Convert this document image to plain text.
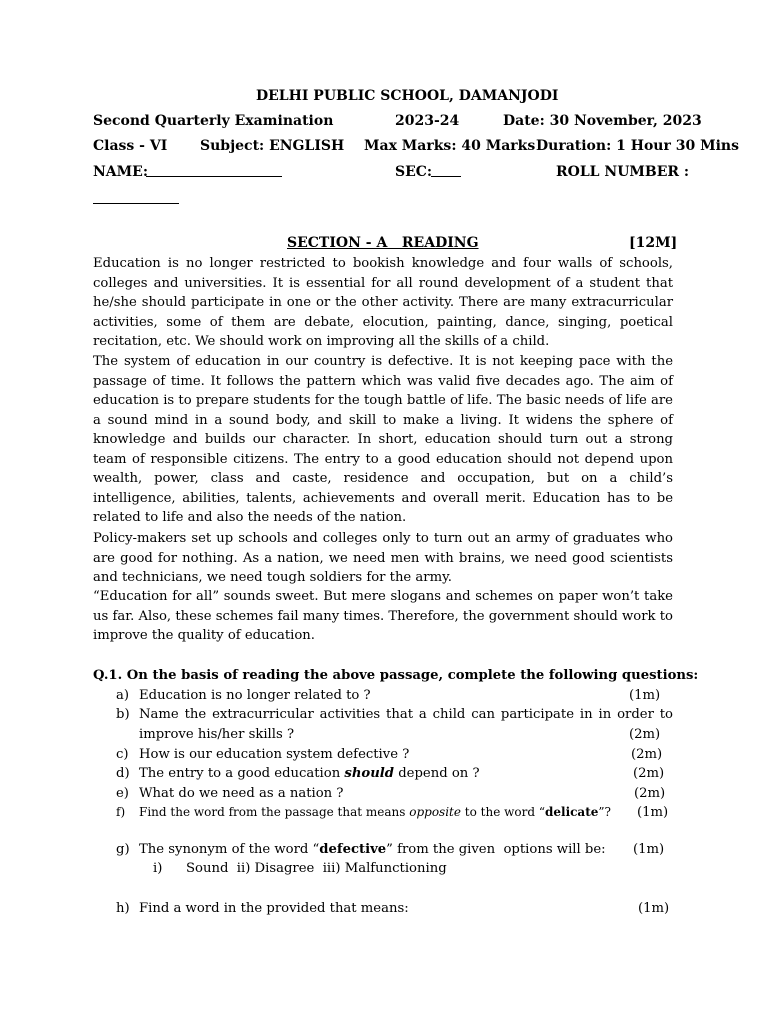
DELHI PUBLIC SCHOOL, DAMANJODI
Second Quarterly Examination	2023-24	Date: 30 November, 2023
Class - VI Subject: ENGLISH Max Marks: 40 Marks Duration: 1 Hour 30 Mins
NAME:	SEC:	ROLL NUMBER :
SECTION - A   READING	[12M]
Education is no longer restricted to bookish knowledge and four walls of schools, colleges and universities. It is essential for all round development of a student that he/she should participate in one or the other activity. There are many extracurricular activities, some of them are debate, elocution, painting, dance, singing, poetical recitation, etc. We should work on improving all the skills of a child.
The system of education in our country is defective. It is not keeping pace with the passage of time. It follows the pattern which was valid five decades ago. The aim of education is to prepare students for the tough battle of life. The basic needs of life are a sound mind in a sound body, and skill to make a living. It widens the sphere of knowledge and builds our character. In short, education should turn out a strong team of responsible citizens. The entry to a good education should not depend upon wealth, power, class and caste, residence and occupation, but on a child’s intelligence, abilities, talents, achievements and overall merit. Education has to be related to life and also the needs of the nation.
Policy-makers set up schools and colleges only to turn out an army of graduates who are good for nothing. As a nation, we need men with brains, we need good scientists and technicians, we need tough soldiers for the army.
“Education for all” sounds sweet. But mere slogans and schemes on paper won’t take us far. Also, these schemes fail many times. Therefore, the government should work to improve the quality of education.
Q.1. On the basis of reading the above passage, complete the following questions:
a) Education is no longer related to ?	(1m)
b) Name the extracurricular activities that a child can participate in in order to
improve his/her skills ?	(2m)
c) How is our education system defective ?	(2m)
d) The entry to a good education should depend on ?	(2m)
e) What do we need as a nation ?	(2m)
f) Find the word from the passage that means opposite to the word “delicate”? (1m)
g) The synonym of the word “defective” from the given  options will be: (1m)
i) Sound  ii) Disagree  iii) Malfunctioning
h) Find a word in the provided that means:	(1m)
